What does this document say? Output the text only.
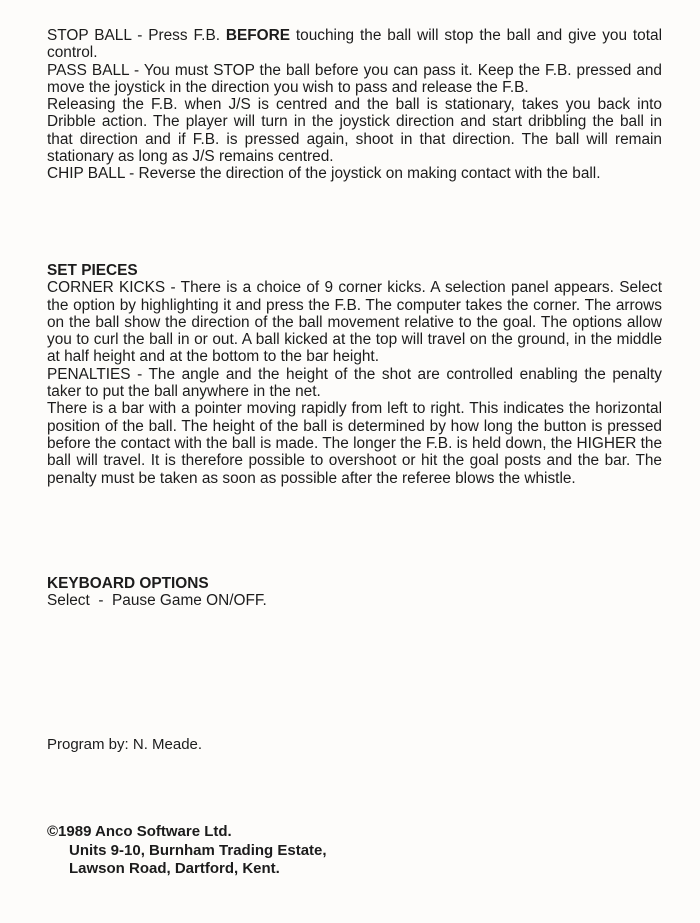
STOP BALL - Press F.B. BEFORE touching the ball will stop the ball and give you total control.

PASS BALL - You must STOP the ball before you can pass it. Keep the F.B. pressed and move the joystick in the direction you wish to pass and release the F.B.

Releasing the F.B. when J/S is centred and the ball is stationary, takes you back into Dribble action. The player will turn in the joystick direction and start dribbling the ball in that direction and if F.B. is pressed again, shoot in that direction. The ball will remain stationary as long as J/S remains centred.

CHIP BALL - Reverse the direction of the joystick on making contact with the ball.

SET PIECES

CORNER KICKS - There is a choice of 9 corner kicks. A selection panel appears. Select the option by highlighting it and press the F.B. The computer takes the corner. The arrows on the ball show the direction of the ball movement relative to the goal. The options allow you to curl the ball in or out. A ball kicked at the top will travel on the ground, in the middle at half height and at the bottom to the bar height.

PENALTIES - The angle and the height of the shot are controlled enabling the penalty taker to put the ball anywhere in the net.

There is a bar with a pointer moving rapidly from left to right. This indicates the horizontal position of the ball. The height of the ball is determined by how long the button is pressed before the contact with the ball is made. The longer the F.B. is held down, the HIGHER the ball will travel. It is therefore possible to overshoot or hit the goal posts and the bar. The penalty must be taken as soon as possible after the referee blows the whistle.

KEYBOARD OPTIONS

Select  -  Pause Game ON/OFF.

Program by: N. Meade.
©1989 Anco Software Ltd.
Units 9-10, Burnham Trading Estate,
Lawson Road, Dartford, Kent.
